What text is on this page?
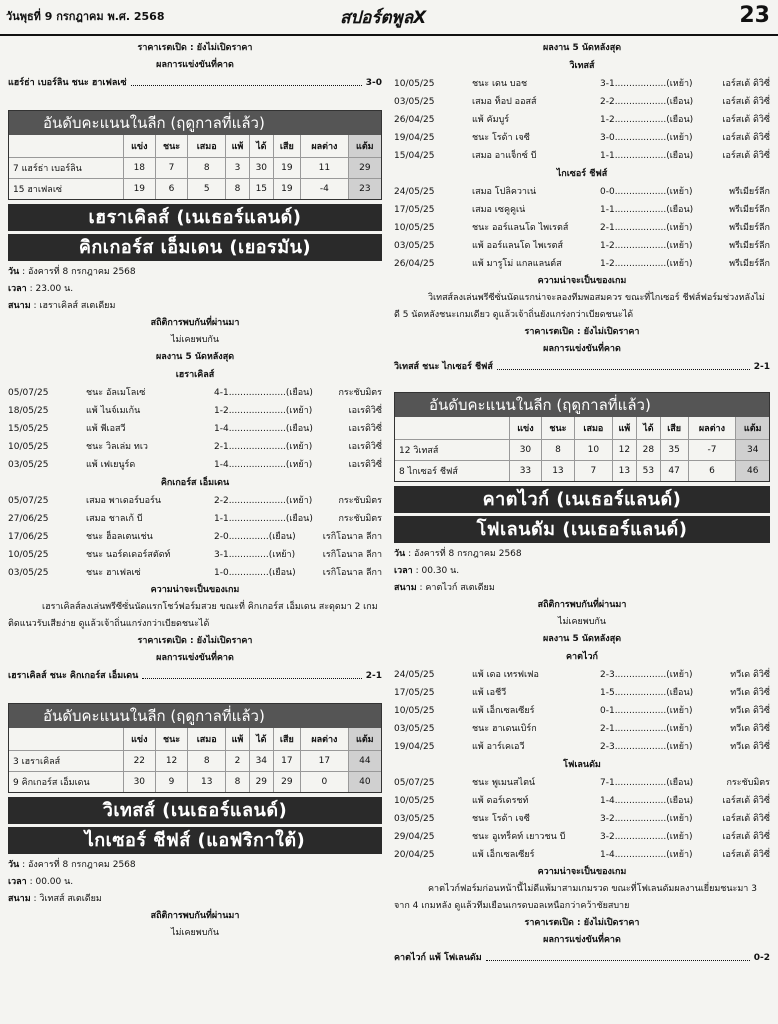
วันพุธที่ 9 กรกฎาคม พ.ศ. 2568	สปอร์ตพูลX	23
ราคาเรตเปิด : ยังไม่เปิดราคา
ผลการแข่งขันที่คาด
แฮร์ธ่า เบอร์ลิน ชนะ ฮาเฟลเซ่	3-0
อันดับคะแนนในลีก (ฤดูกาลที่แล้ว)
	แข่ง	ชนะ	เสมอ	แพ้	ได้	เสีย	ผลต่าง	แต้ม
7 แฮร์ธ่า เบอร์ลิน	18	7	8	3	30	19	11	29
15 ฮาเฟลเซ่	19	6	5	8	15	19	-4	23
เฮราเคิลส์ (เนเธอร์แลนด์)
คิกเกอร์ส เอ็มเดน (เยอรมัน)
วัน : อังคารที่ 8 กรกฎาคม 2568
เวลา : 23.00 น.
สนาม : เฮราเคิลส์ สเตเดียม
สถิติการพบกันที่ผ่านมา
ไม่เคยพบกัน
ผลงาน 5 นัดหลังสุด
เฮราเคิลส์
05/07/25	ชนะ อัลเมโลเซ่	4-1....................(เยือน)	กระชับมิตร
18/05/25	แพ้ ไนจ์เมเก้น	1-2....................(เหย้า)	เอเรดิวิซี่
15/05/25	แพ้ พีเอสวี	1-4....................(เยือน)	เอเรดิวิซี่
10/05/25	ชนะ วิลเล่ม ทเว	2-1....................(เหย้า)	เอเรดิวิซี่
03/05/25	แพ้ เฟเยนูร์ด	1-4....................(เหย้า)	เอเรดิวิซี่
คิกเกอร์ส เอ็มเดน
05/07/25	เสมอ พาเดอร์บอร์น	2-2....................(เหย้า)	กระชับมิตร
27/06/25	เสมอ ชาลเก้ บี	1-1....................(เยือน)	กระชับมิตร
17/06/25	ชนะ ฮ็อลเตนเช่น	2-0..............(เยือน)	เรกิโอนาล ลีกา
10/05/25	ชนะ นอร์ดเดอร์สตัดท์	3-1..............(เหย้า)	เรกิโอนาล ลีกา
03/05/25	ชนะ ฮาเฟลเซ่	1-0..............(เยือน)	เรกิโอนาล ลีกา
ความน่าจะเป็นของเกม
เฮราเคิลส์ลงเล่นพรีซีซั่นนัดแรกโชว์ฟอร์มสวย ขณะที่ คิกเกอร์ส เอ็มเดน สะดุดมา 2 เกมติดแนวรับเสียง่าย ดูแล้วเจ้าถิ่นแกร่งกว่าเบียดชนะได้
ราคาเรตเปิด : ยังไม่เปิดราคา
ผลการแข่งขันที่คาด
เฮราเคิลส์ ชนะ คิกเกอร์ส เอ็มเดน	2-1
อันดับคะแนนในลีก (ฤดูกาลที่แล้ว)
	แข่ง	ชนะ	เสมอ	แพ้	ได้	เสีย	ผลต่าง	แต้ม
3 เฮราเคิลส์	22	12	8	2	34	17	17	44
9 คิกเกอร์ส เอ็มเดน	30	9	13	8	29	29	0	40
วิเทสส์ (เนเธอร์แลนด์)
ไกเซอร์ ชีฟส์ (แอฟริกาใต้)
วัน : อังคารที่ 8 กรกฎาคม 2568
เวลา : 00.00 น.
สนาม : วิเทสส์ สเตเดียม
สถิติการพบกันที่ผ่านมา
ไม่เคยพบกัน
ผลงาน 5 นัดหลังสุด
วิเทสส์
10/05/25	ชนะ เดน บอช	3-1..................(เหย้า)	เอร์สเต้ ดิวิซี่
03/05/25	เสมอ ท็อป ออสส์	2-2..................(เยือน)	เอร์สเต้ ดิวิซี่
26/04/25	แพ้ คัมบูร์	1-2..................(เยือน)	เอร์สเต้ ดิวิซี่
19/04/25	ชนะ โรด้า เจซี	3-0..................(เหย้า)	เอร์สเต้ ดิวิซี่
15/04/25	เสมอ อาแจ็กซ์ บี	1-1..................(เยือน)	เอร์สเต้ ดิวิซี่
ไกเซอร์ ชีฟส์
24/05/25	เสมอ โปลิควาเน่	0-0..................(เหย้า)	พรีเมียร์ลีก
17/05/25	เสมอ เซคูคูเน่	1-1..................(เยือน)	พรีเมียร์ลีก
10/05/25	ชนะ ออร์แลนโด ไพเรตส์	2-1..................(เหย้า)	พรีเมียร์ลีก
03/05/25	แพ้ ออร์แลนโด ไพเรตส์	1-2..................(เหย้า)	พรีเมียร์ลีก
26/04/25	แพ้ มารูโม่ แกลแลนต์ส	1-2..................(เหย้า)	พรีเมียร์ลีก
ความน่าจะเป็นของเกม
วิเทสส์ลงเล่นพรีซีซั่นนัดแรกน่าจะลองทีมพอสมควร ขณะที่ไกเซอร์ ชีฟส์ฟอร์มช่วงหลังไม่ดี 5 นัดหลังชนะเกมเดียว ดูแล้วเจ้าถิ่นยังแกร่งกว่าเบียดชนะได้
ราคาเรตเปิด : ยังไม่เปิดราคา
ผลการแข่งขันที่คาด
วิเทสส์ ชนะ ไกเซอร์ ชีฟส์	2-1
อันดับคะแนนในลีก (ฤดูกาลที่แล้ว)
	แข่ง	ชนะ	เสมอ	แพ้	ได้	เสีย	ผลต่าง	แต้ม
12 วิเทสส์	30	8	10	12	28	35	-7	34
8 ไกเซอร์ ชีฟส์	33	13	7	13	53	47	6	46
คาตไวก์ (เนเธอร์แลนด์)
โฟเลนดัม (เนเธอร์แลนด์)
วัน : อังคารที่ 8 กรกฎาคม 2568
เวลา : 00.30 น.
สนาม : คาตไวก์ สเตเดียม
สถิติการพบกันที่ผ่านมา
ไม่เคยพบกัน
ผลงาน 5 นัดหลังสุด
คาตไวก์
24/05/25	แพ้ เดอ เทรฟเฟอ	2-3..................(เหย้า)	ทวีเด ดิวิซี่
17/05/25	แพ้ เอชีวี	1-5..................(เยือน)	ทวีเด ดิวิซี่
10/05/25	แพ้ เอ็กเซลเซียร์	0-1..................(เหย้า)	ทวีเด ดิวิซี่
03/05/25	ชนะ ฮาเดนเบิร์ก	2-1..................(เหย้า)	ทวีเด ดิวิซี่
19/04/25	แพ้ อาร์เคเอวี	2-3..................(เหย้า)	ทวีเด ดิวิซี่
โฟเลนดัม
05/07/25	ชนะ พูเมนสไตน์	7-1..................(เยือน)	กระชับมิตร
10/05/25	แพ้ ดอร์เดรชท์	1-4..................(เยือน)	เอร์สเต้ ดิวิซี่
03/05/25	ชนะ โรด้า เจซี	3-2..................(เหย้า)	เอร์สเต้ ดิวิซี่
29/04/25	ชนะ อูเทร็คท์ เยาวชน บี	3-2..................(เหย้า)	เอร์สเต้ ดิวิซี่
20/04/25	แพ้ เอ็กเซลเซียร์	1-4..................(เหย้า)	เอร์สเต้ ดิวิซี่
ความน่าจะเป็นของเกม
คาตไวก์ฟอร์มก่อนหน้านี้ไม่ดีแพ้มาสามเกมรวด ขณะที่โฟเลนดัมผลงานเยี่ยมชนะมา 3 จาก 4 เกมหลัง ดูแล้วทีมเยือนเกรดบอลเหนือกว่าคว้าชัยสบาย
ราคาเรตเปิด : ยังไม่เปิดราคา
ผลการแข่งขันที่คาด
คาตไวก์ แพ้ โฟเลนดัม	0-2
